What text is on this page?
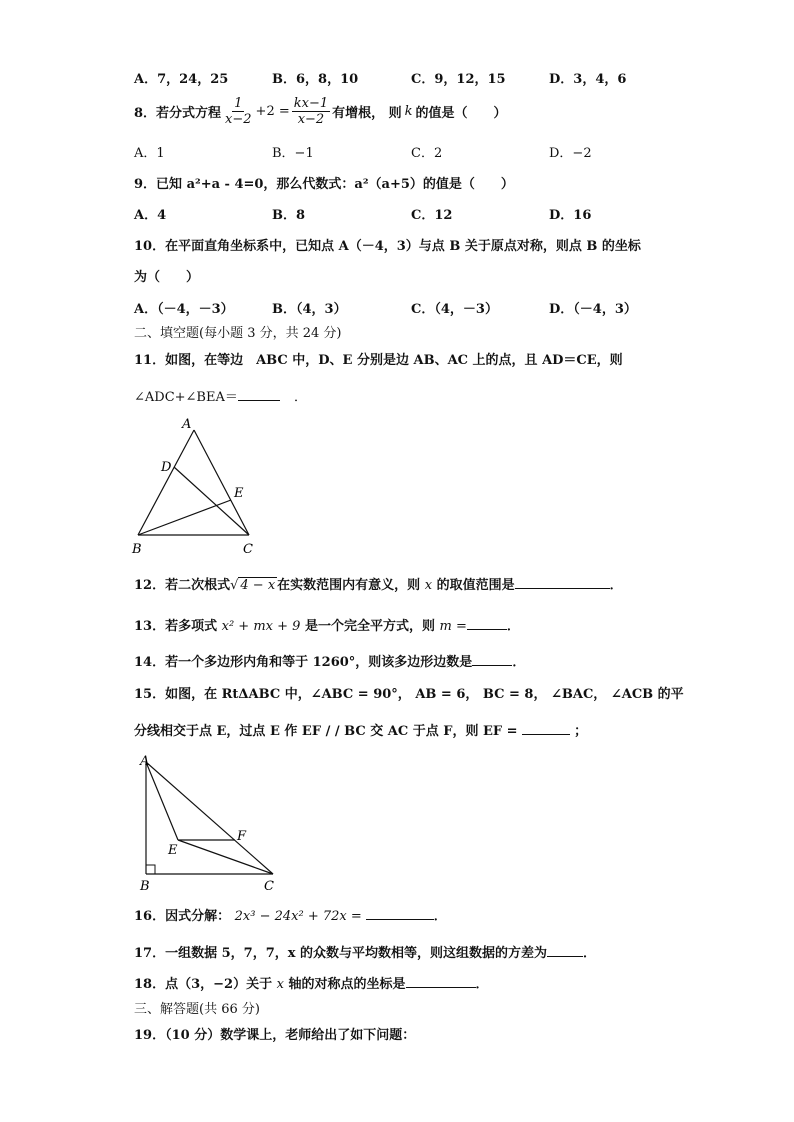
A．7，24，25	B．6，8，10	C．9，12，15	D．3，4，6
8．若分式方程 $\frac{1}{x-2} +2 = \frac{kx-1}{x-2}$ 有增根， 则 k 的值是（　　）
A．1	B．−1	C．2	D．−2
9．已知 a²+a - 4=0，那么代数式：a²（a+5）的值是（　　）
A．4	B．8	C．12	D．16
10．在平面直角坐标系中，已知点 A（－4，3）与点 B 关于原点对称，则点 B 的坐标
为（　　）
A．（－4，－3）	B．（4，3）	C．（4，－3）	D．（－4，3）
二、填空题(每小题 3 分，共 24 分)
11．如图，在等边　ABC 中，D、E 分别是边 AB、AC 上的点，且 AD＝CE，则
∠ADC+∠BEA＝	．
A
D
E
B	C
12．若二次根式√ 4 − x 在实数范围内有意义，则 x 的取值范围是	．
13．若多项式 x² + mx + 9 是一个完全平方式，则 m =	．
14．若一个多边形内角和等于 1260°，则该多边形边数是	．
15．如图，在 RtΔABC 中，∠ABC = 90°， AB = 6， BC = 8， ∠BAC， ∠ACB 的平
分线相交于点 E，过点 E 作 EF / / BC 交 AC 于点 F，则 EF =	；
A
F
E
B	C
16．因式分解： 2x³ − 24x² + 72x =	．
17．一组数据 5，7，7，x 的众数与平均数相等，则这组数据的方差为	．
18．点（3，−2）关于 x 轴的对称点的坐标是	．
三、解答题(共 66 分)
19．（10 分）数学课上，老师给出了如下问题：
